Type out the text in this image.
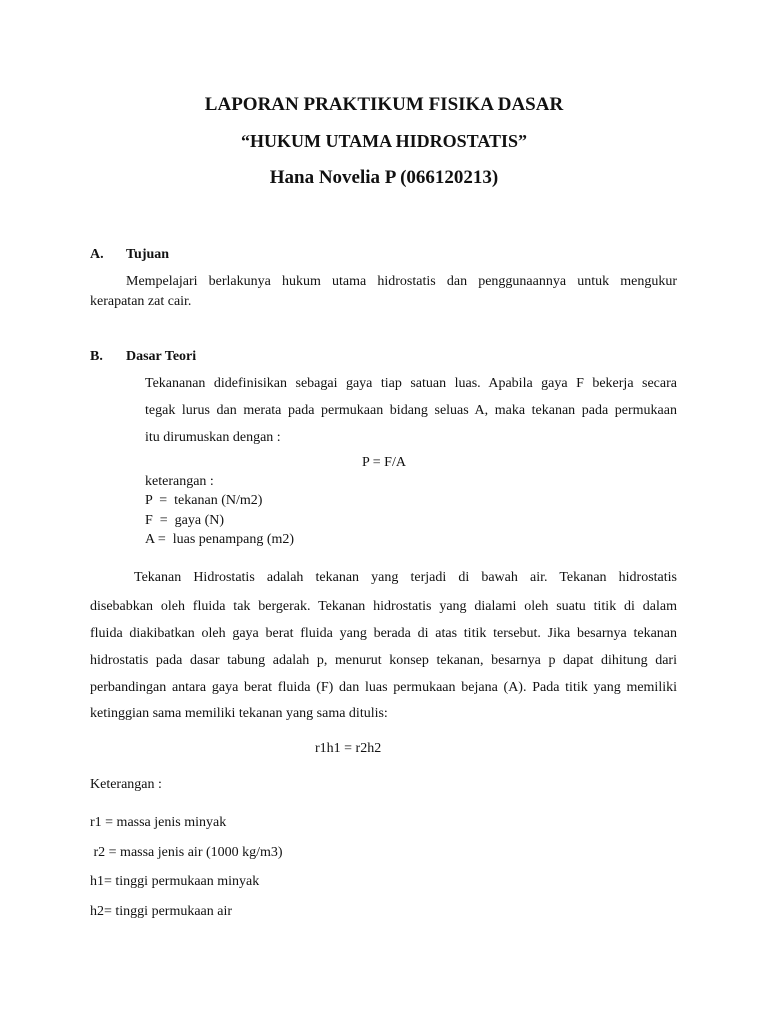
LAPORAN PRAKTIKUM FISIKA DASAR
“HUKUM UTAMA HIDROSTATIS”
Hana Novelia P (066120213)
A. Tujuan
Mempelajari berlakunya hukum utama hidrostatis dan penggunaannya untuk mengukur
kerapatan zat cair.
B. Dasar Teori
Tekananan didefinisikan sebagai gaya tiap satuan luas. Apabila gaya F bekerja secara
tegak lurus dan merata pada permukaan bidang seluas A, maka tekanan pada permukaan
itu dirumuskan dengan :
P = F/A
keterangan :
P  =  tekanan (N/m2)
F  =  gaya (N)
A =  luas penampang (m2)
Tekanan Hidrostatis adalah tekanan yang terjadi di bawah air. Tekanan hidrostatis
disebabkan oleh fluida tak bergerak. Tekanan hidrostatis yang dialami oleh suatu titik di dalam
fluida diakibatkan oleh gaya berat fluida yang berada di atas titik tersebut. Jika besarnya tekanan
hidrostatis pada dasar tabung adalah p, menurut konsep tekanan, besarnya p dapat dihitung dari
perbandingan antara gaya berat fluida (F) dan luas permukaan bejana (A). Pada titik yang memiliki
ketinggian sama memiliki tekanan yang sama ditulis:
r1h1 = r2h2
Keterangan :
r1 = massa jenis minyak
r2 = massa jenis air (1000 kg/m3)
h1= tinggi permukaan minyak
h2= tinggi permukaan air
